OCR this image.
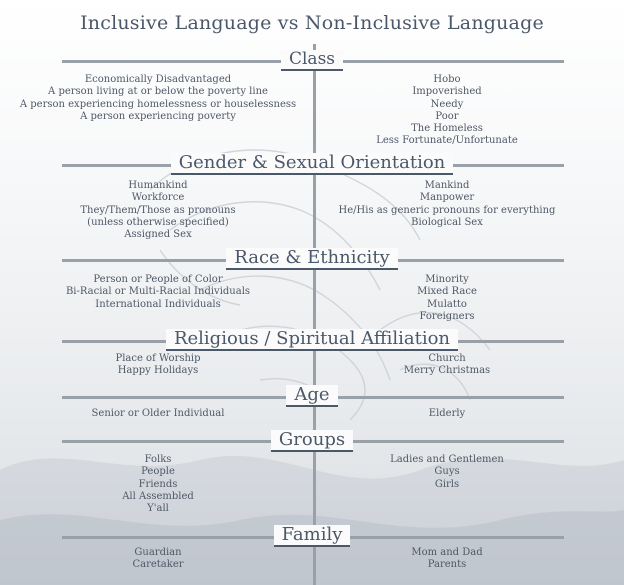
Inclusive Language vs Non-Inclusive Language
Class
Economically Disadvantaged
A person living at or below the poverty line
A person experiencing homelessness or houselessness
A person experiencing poverty
Hobo
Impoverished
Needy
Poor
The Homeless
Less Fortunate/Unfortunate
Gender & Sexual Orientation
Humankind
Workforce
They/Them/Those as pronouns
(unless otherwise specified)
Assigned Sex
Mankind
Manpower
He/His as generic pronouns for everything
Biological Sex
Race & Ethnicity
Person or People of Color
Bi-Racial or Multi-Racial Individuals
International Individuals
Minority
Mixed Race
Mulatto
Foreigners
Religious / Spiritual Affiliation
Place of Worship
Happy Holidays
Church
Merry Christmas
Age
Senior or Older Individual	Elderly
Groups
Folks
People
Friends
All Assembled
Y'all
Ladies and Gentlemen
Guys
Girls
Family
Guardian
Caretaker
Mom and Dad
Parents
